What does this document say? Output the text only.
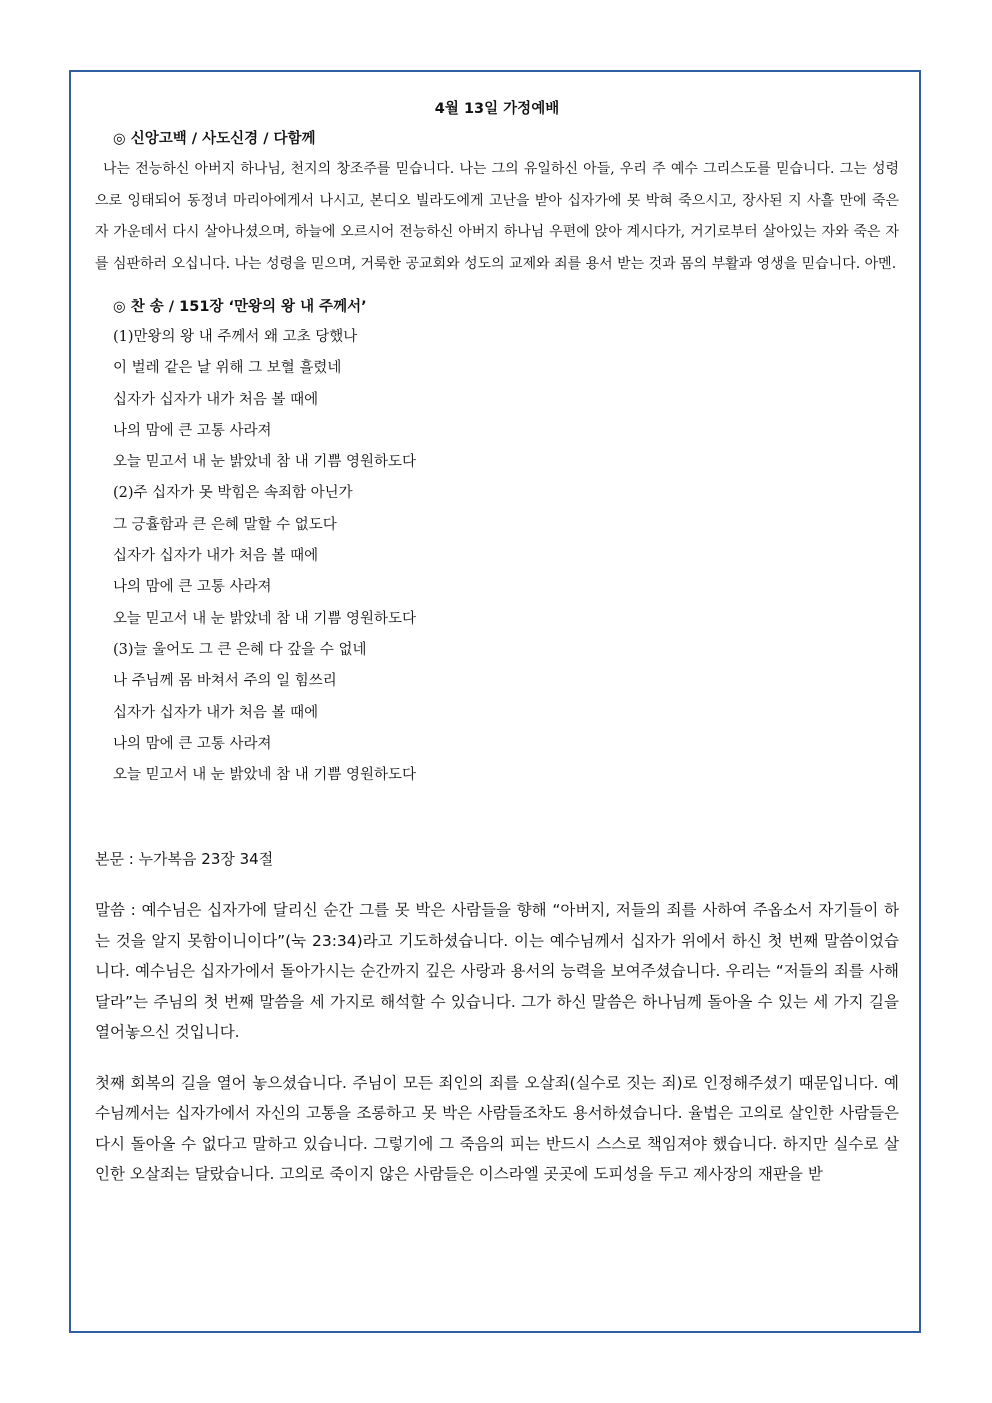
4월 13일 가정예배

◎ 신앙고백 / 사도신경 / 다함께

나는 전능하신 아버지 하나님, 천지의 창조주를 믿습니다. 나는 그의 유일하신 아들, 우리 주 예수 그리스도를 믿습니다. 그는 성령으로 잉태되어 동정녀 마리아에게서 나시고, 본디오 빌라도에게 고난을 받아 십자가에 못 박혀 죽으시고, 장사된 지 사흘 만에 죽은 자 가운데서 다시 살아나셨으며, 하늘에 오르시어 전능하신 아버지 하나님 우편에 앉아 계시다가, 거기로부터 살아있는 자와 죽은 자를 심판하러 오십니다. 나는 성령을 믿으며, 거룩한 공교회와 성도의 교제와 죄를 용서 받는 것과 몸의 부활과 영생을 믿습니다. 아멘.

◎ 찬 송 / 151장 ‘만왕의 왕 내 주께서’

(1)만왕의 왕 내 주께서 왜 고초 당했나
이 벌레 같은 날 위해 그 보혈 흘렸네
십자가 십자가 내가 처음 볼 때에
나의 맘에 큰 고통 사라져
오늘 믿고서 내 눈 밝았네 참 내 기쁨 영원하도다
(2)주 십자가 못 박힘은 속죄함 아닌가
그 긍휼함과 큰 은혜 말할 수 없도다
십자가 십자가 내가 처음 볼 때에
나의 맘에 큰 고통 사라져
오늘 믿고서 내 눈 밝았네 참 내 기쁨 영원하도다
(3)늘 울어도 그 큰 은혜 다 갚을 수 없네
나 주님께 몸 바쳐서 주의 일 힘쓰리
십자가 십자가 내가 처음 볼 때에
나의 맘에 큰 고통 사라져
오늘 믿고서 내 눈 밝았네 참 내 기쁨 영원하도다

본문 : 누가복음 23장 34절

말씀 : 예수님은 십자가에 달리신 순간 그를 못 박은 사람들을 향해 “아버지, 저들의 죄를 사하여 주옵소서 자기들이 하는 것을 알지 못함이니이다”(눅 23:34)라고 기도하셨습니다. 이는 예수님께서 십자가 위에서 하신 첫 번째 말씀이었습니다. 예수님은 십자가에서 돌아가시는 순간까지 깊은 사랑과 용서의 능력을 보여주셨습니다. 우리는 “저들의 죄를 사해 달라”는 주님의 첫 번째 말씀을 세 가지로 해석할 수 있습니다. 그가 하신 말씀은 하나님께 돌아올 수 있는 세 가지 길을 열어놓으신 것입니다.

첫째 회복의 길을 열어 놓으셨습니다. 주님이 모든 죄인의 죄를 오살죄(실수로 짓는 죄)로 인정해주셨기 때문입니다. 예수님께서는 십자가에서 자신의 고통을 조롱하고 못 박은 사람들조차도 용서하셨습니다. 율법은 고의로 살인한 사람들은 다시 돌아올 수 없다고 말하고 있습니다. 그렇기에 그 죽음의 피는 반드시 스스로 책임져야 했습니다. 하지만 실수로 살인한 오살죄는 달랐습니다. 고의로 죽이지 않은 사람들은 이스라엘 곳곳에 도피성을 두고 제사장의 재판을 받
